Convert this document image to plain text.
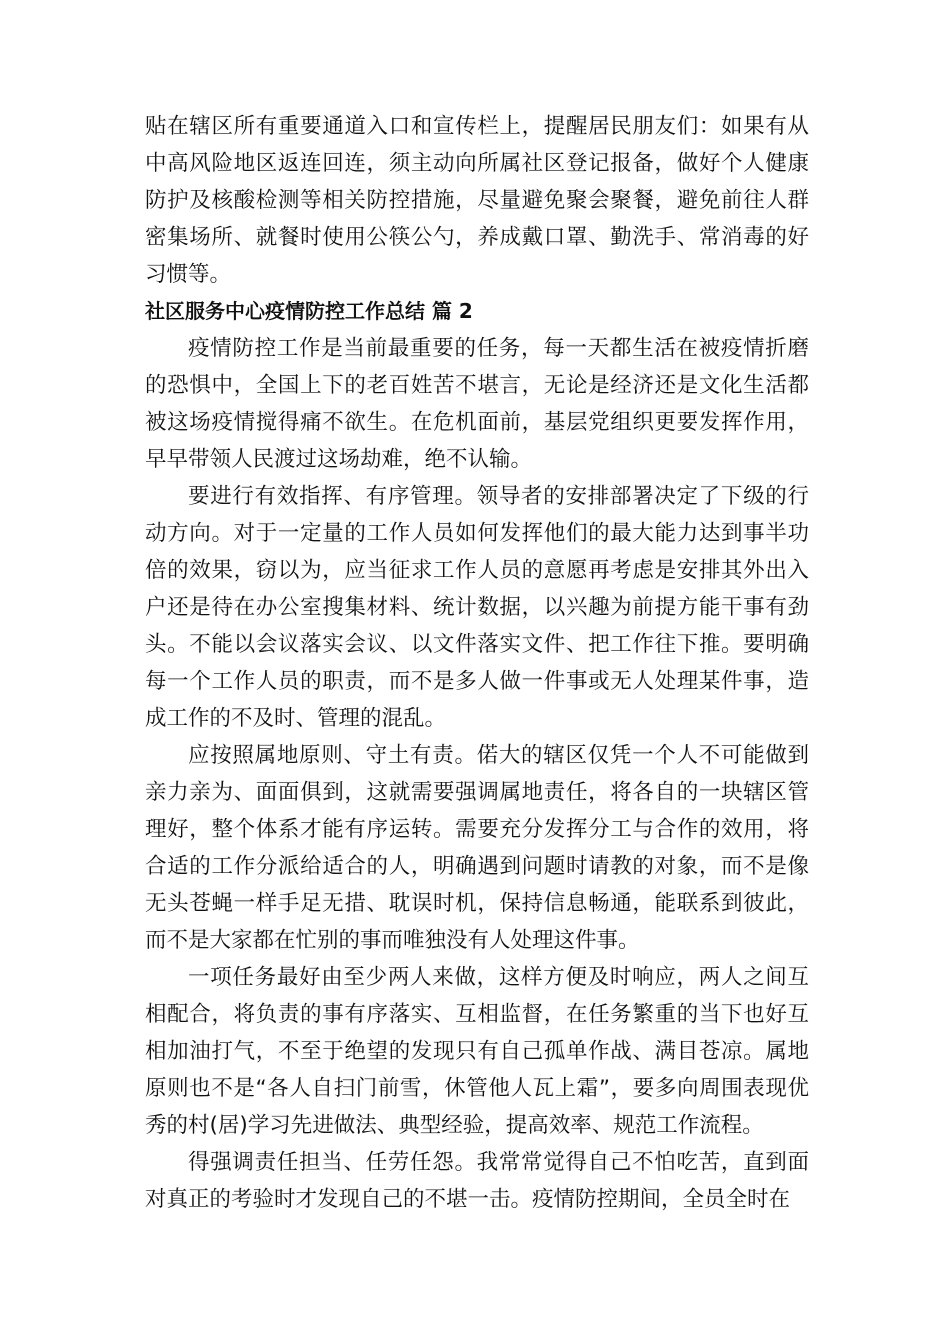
贴在辖区所有重要通道入口和宣传栏上，提醒居民朋友们：如果有从中高风险地区返连回连，须主动向所属社区登记报备，做好个人健康防护及核酸检测等相关防控措施，尽量避免聚会聚餐，避免前往人群密集场所、就餐时使用公筷公勺，养成戴口罩、勤洗手、常消毒的好习惯等。

社区服务中心疫情防控工作总结 篇 2

疫情防控工作是当前最重要的任务，每一天都生活在被疫情折磨的恐惧中，全国上下的老百姓苦不堪言，无论是经济还是文化生活都被这场疫情搅得痛不欲生。在危机面前，基层党组织更要发挥作用，早早带领人民渡过这场劫难，绝不认输。

要进行有效指挥、有序管理。领导者的安排部署决定了下级的行动方向。对于一定量的工作人员如何发挥他们的最大能力达到事半功倍的效果，窃以为，应当征求工作人员的意愿再考虑是安排其外出入户还是待在办公室搜集材料、统计数据，以兴趣为前提方能干事有劲头。不能以会议落实会议、以文件落实文件、把工作往下推。要明确每一个工作人员的职责，而不是多人做一件事或无人处理某件事，造成工作的不及时、管理的混乱。

应按照属地原则、守土有责。偌大的辖区仅凭一个人不可能做到亲力亲为、面面俱到，这就需要强调属地责任，将各自的一块辖区管理好，整个体系才能有序运转。需要充分发挥分工与合作的效用，将合适的工作分派给适合的人，明确遇到问题时请教的对象，而不是像无头苍蝇一样手足无措、耽误时机，保持信息畅通，能联系到彼此，而不是大家都在忙别的事而唯独没有人处理这件事。

一项任务最好由至少两人来做，这样方便及时响应，两人之间互相配合，将负责的事有序落实、互相监督，在任务繁重的当下也好互相加油打气，不至于绝望的发现只有自己孤单作战、满目苍凉。属地原则也不是“各人自扫门前雪，休管他人瓦上霜”，要多向周围表现优秀的村(居)学习先进做法、典型经验，提高效率、规范工作流程。

得强调责任担当、任劳任怨。我常常觉得自己不怕吃苦，直到面对真正的考验时才发现自己的不堪一击。疫情防控期间，全员全时在
